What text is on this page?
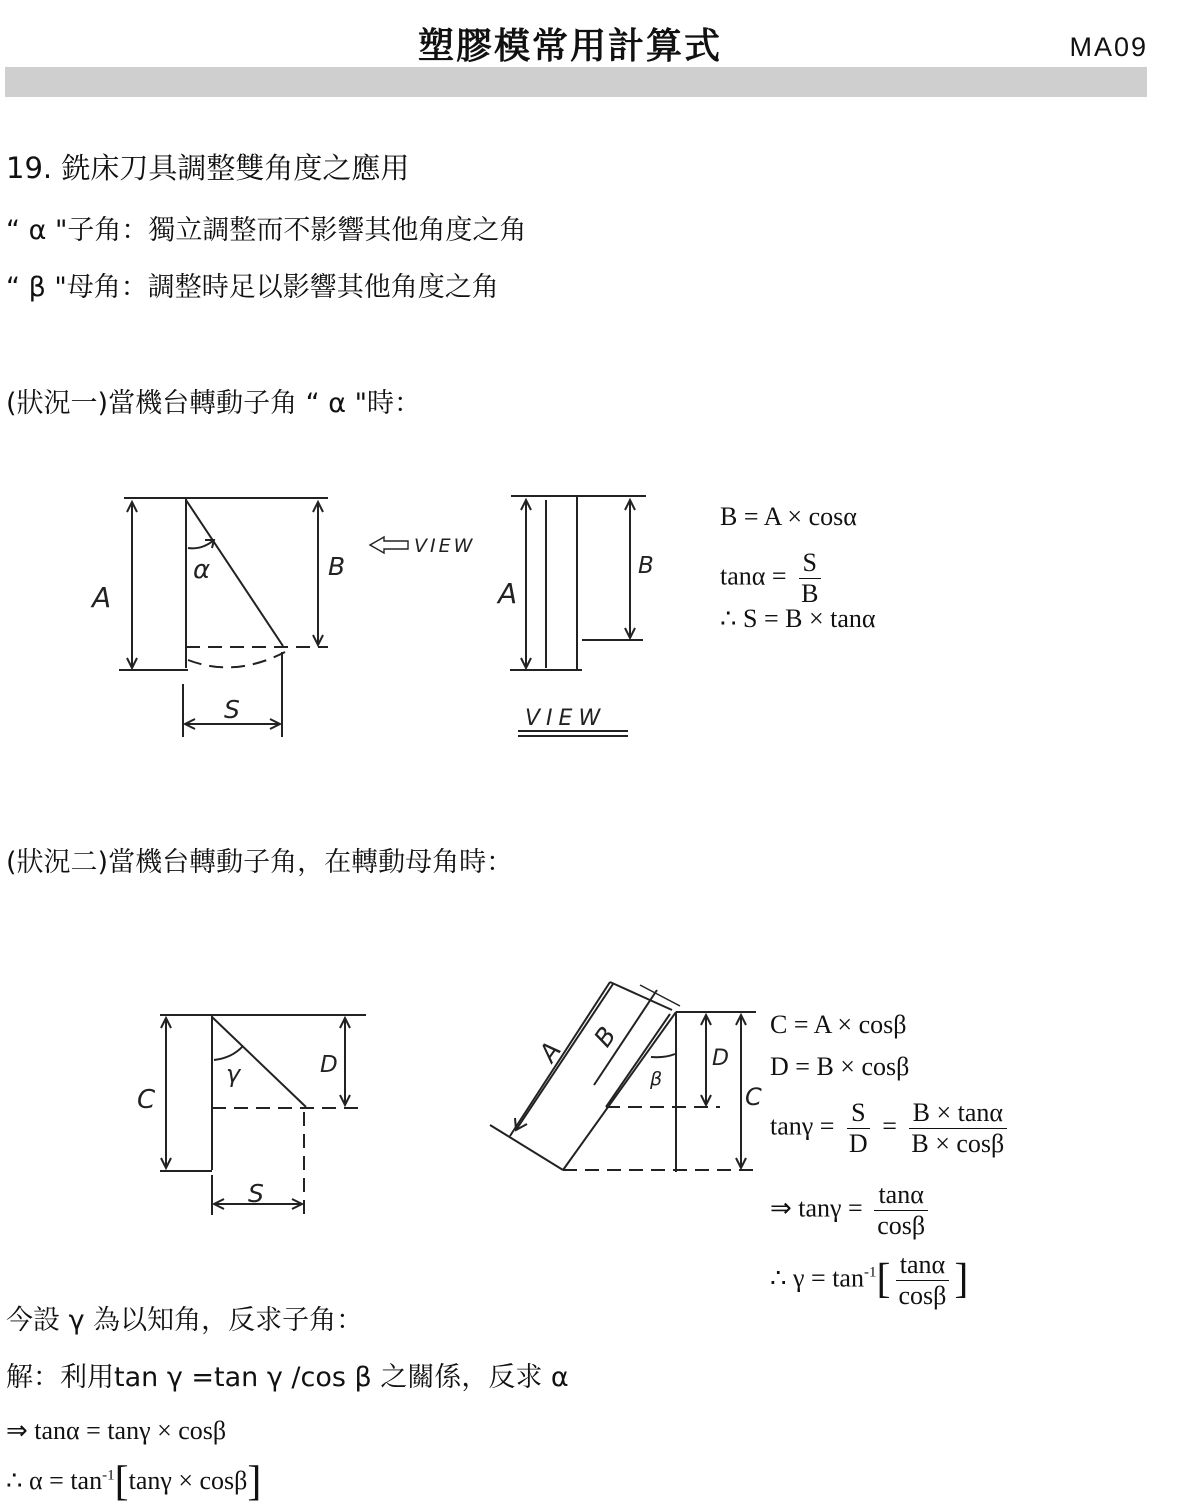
塑膠模常用計算式	MA09
19. 銑床刀具調整雙角度之應用
“ α "子角：獨立調整而不影響其他角度之角
“ β "母角：調整時足以影響其他角度之角
(狀況一)當機台轉動子角 “ α "時：
A
B
α
S
VIEW
A
B
VIEW
B = A × cosα
$\tan\alpha = \frac{S}{B}$
∴ S = B × tanα
(狀況二)當機台轉動子角，在轉動母角時：
C
D
γ
S
A B
β
D
C
C = A × cosβ
D = B × cosβ
$\tan\gamma = \frac{S}{D} = \frac{B \times \tan\alpha}{B \times \cos\beta}$
⇒ $\tan\gamma = \frac{\tan\alpha}{\cos\beta}$
∴ $\gamma = \tan^{-1}[ \frac{\tan\alpha}{\cos\beta}$ ]
今設 γ 為以知角，反求子角：
解：利用tan γ =tan γ /cos β 之關係，反求 α
⇒ tanα = tanγ × cosβ
∴ $\alpha = \tan^{-1}[\tan\gamma \times \cos\beta]$
